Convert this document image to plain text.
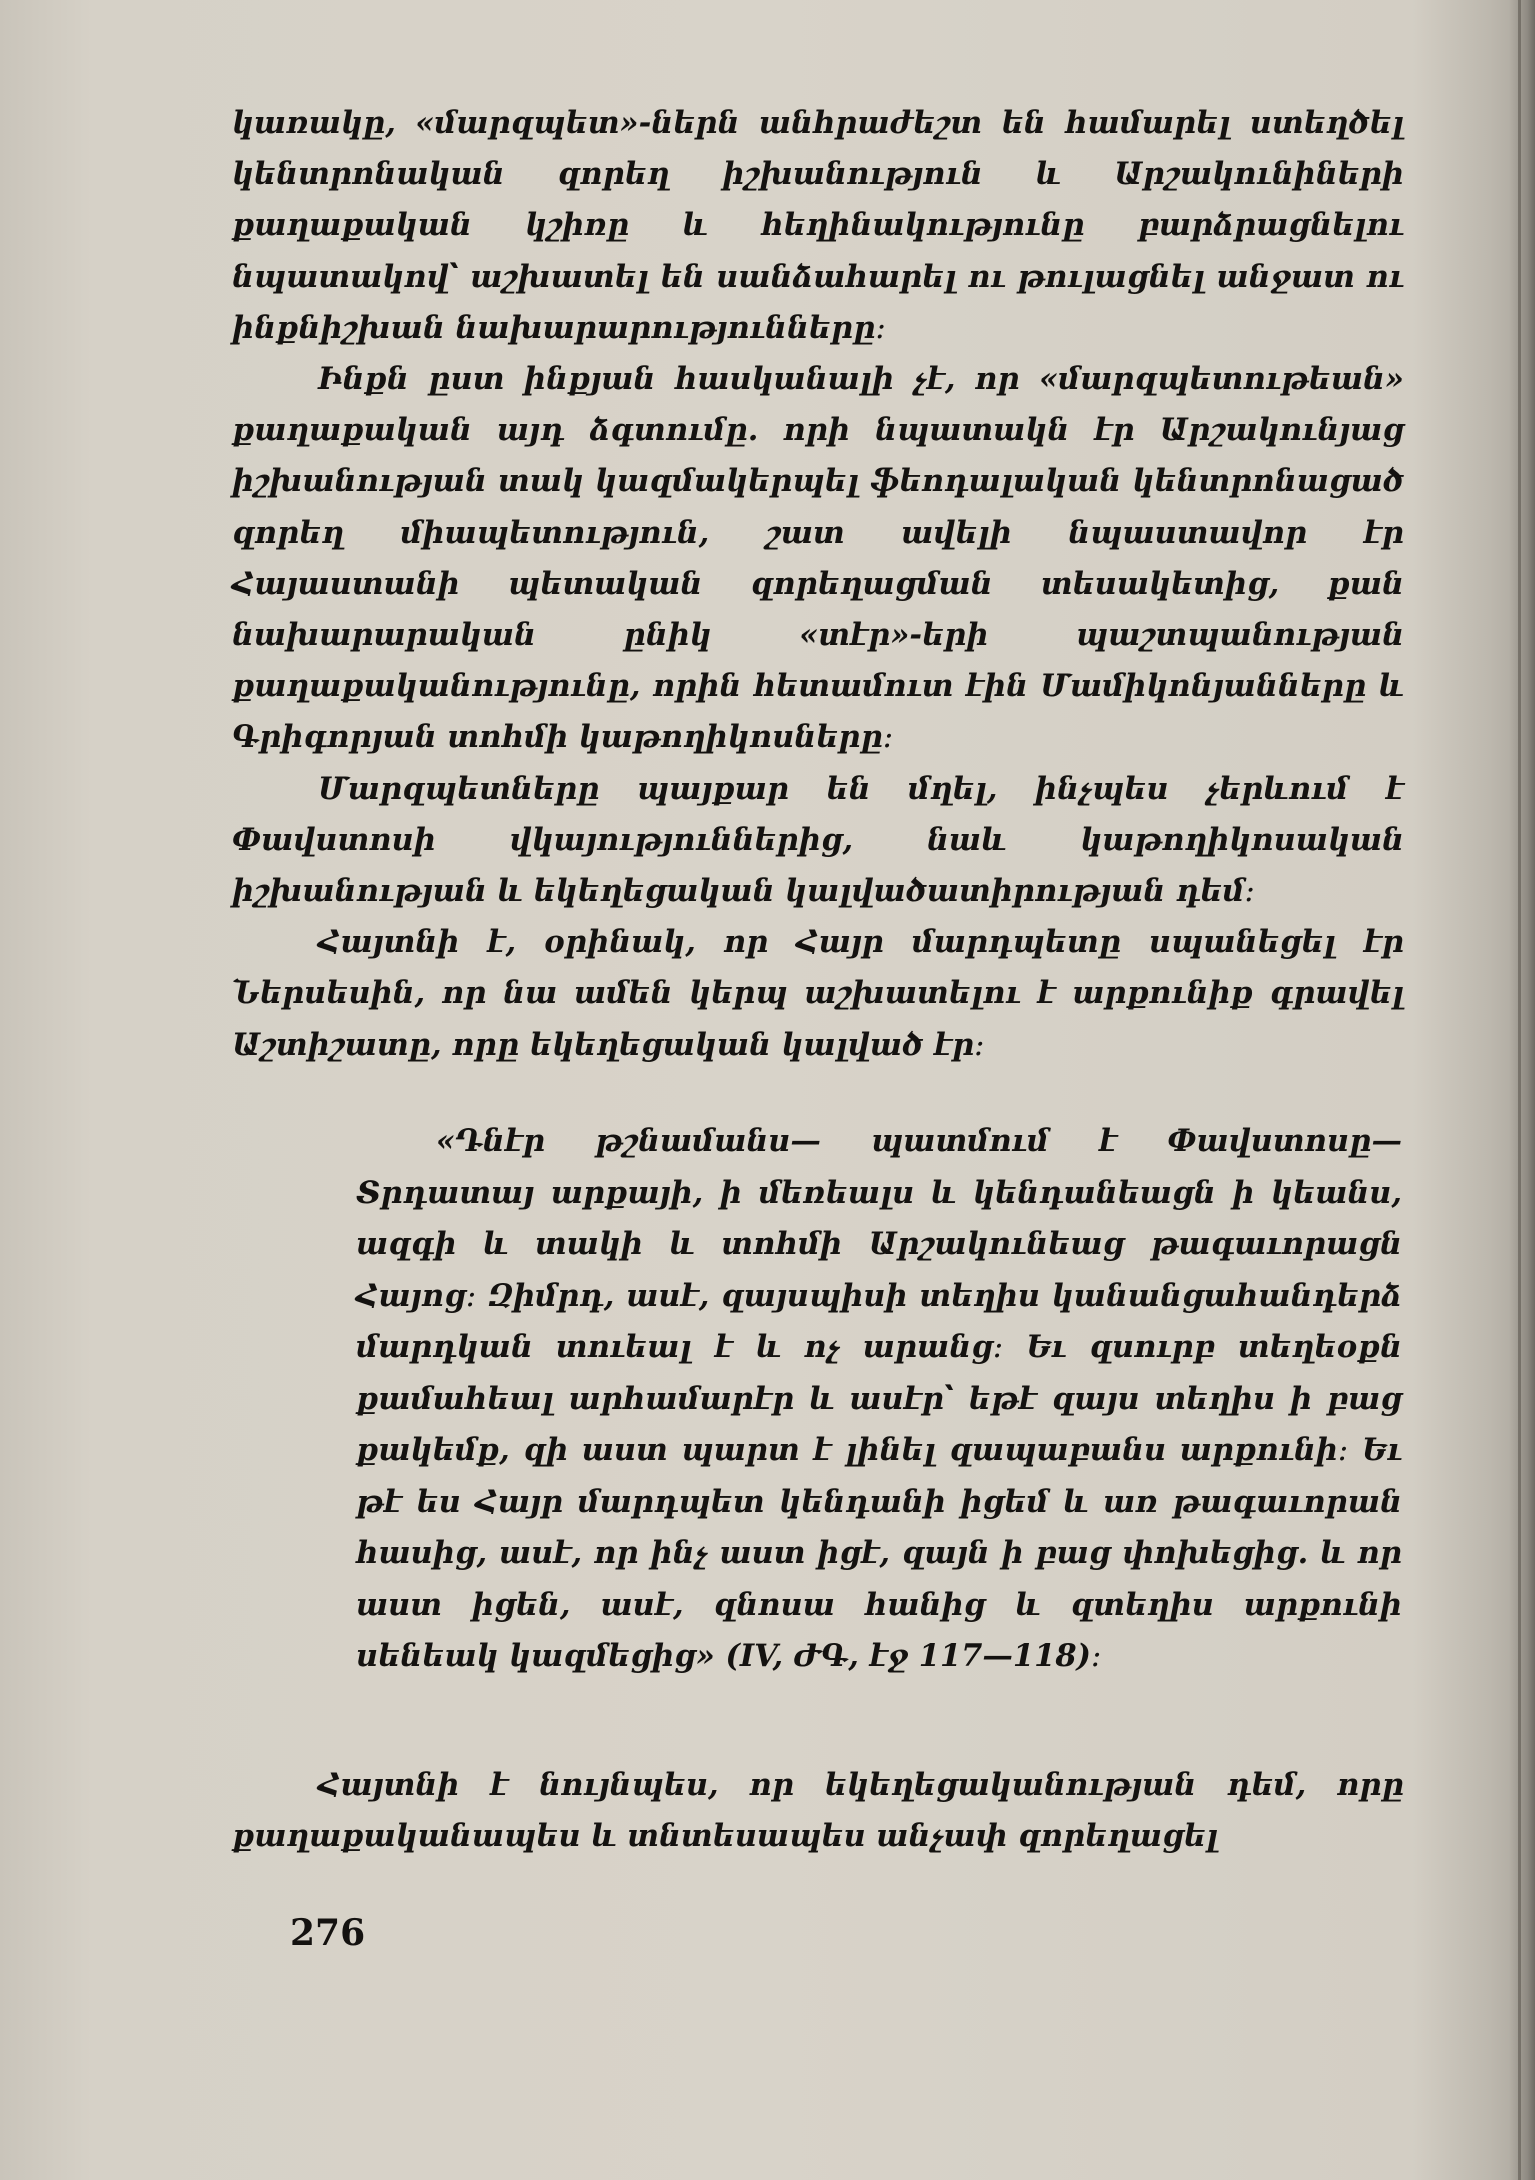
կառակը, «մարզպետ»-ներն անհրաժեշտ են համարել ստեղծել կենտրոնական զորեղ իշխանություն և Արշակունիների քաղաքական կշիռը և հեղինակությունը բարձրացնելու նպատակով՝ աշխատել են սանձահարել ու թուլացնել անջատ ու ինքնիշխան նախարարությունները։

Ինքն ըստ ինքյան հասկանալի չէ, որ «մարզպետութեան» քաղաքական այդ ձգտումը. որի նպատակն էր Արշակունյաց իշխանության տակ կազմակերպել ֆեոդալական կենտրոնացած զորեղ միապետություն, շատ ավելի նպաստավոր էր Հայաստանի պետական զորեղացման տեսակետից, քան նախարարական ընիկ «տէր»-երի պաշտպանության քաղաքականությունը, որին հետամուտ էին Մամիկոնյանները և Գրիգորյան տոհմի կաթողիկոսները։

Մարզպետները պայքար են մղել, ինչպես չերևում է Փավստոսի վկայություններից, նաև կաթողիկոսական իշխանության և եկեղեցական կալվածատիրության դեմ։

Հայտնի է, օրինակ, որ Հայր մարդպետը սպանեցել էր Ներսեսին, որ նա ամեն կերպ աշխատելու է արքունիք գրավել Աշտիշատը, որը եկեղեցական կալված էր։

«Դնէր թշնամանս— պատմում է Փավստոսը— Տրդատայ արքայի, ի մեռեալս և կենդանեացն ի կեանս, ազգի և տակի և տոհմի Արշակունեաց թագաւորացն Հայոց։ Զիմրդ, ասէ, զայսպիսի տեղիս կանանցահանդերձ մարդկան տուեալ է և ոչ արանց։ Եւ զսուրբ տեղեօքն քամահեալ արհամարէր և ասէր՝ եթէ զայս տեղիս ի բաց քակեմք, զի աստ պարտ է լինել զապաբանս արքունի։ Եւ թէ ես Հայր մարդպետ կենդանի իցեմ և առ թագաւորան հասից, ասէ, որ ինչ աստ իցէ, զայն ի բաց փոխեցից. և որ աստ իցեն, ասէ, զնոսա հանից և զտեղիս արքունի սենեակ կազմեցից» (IV, ԺԳ, էջ 117—118)։

Հայտնի է նույնպես, որ եկեղեցականության դեմ, որը քաղաքականապես և տնտեսապես անչափ զորեղացել

276
